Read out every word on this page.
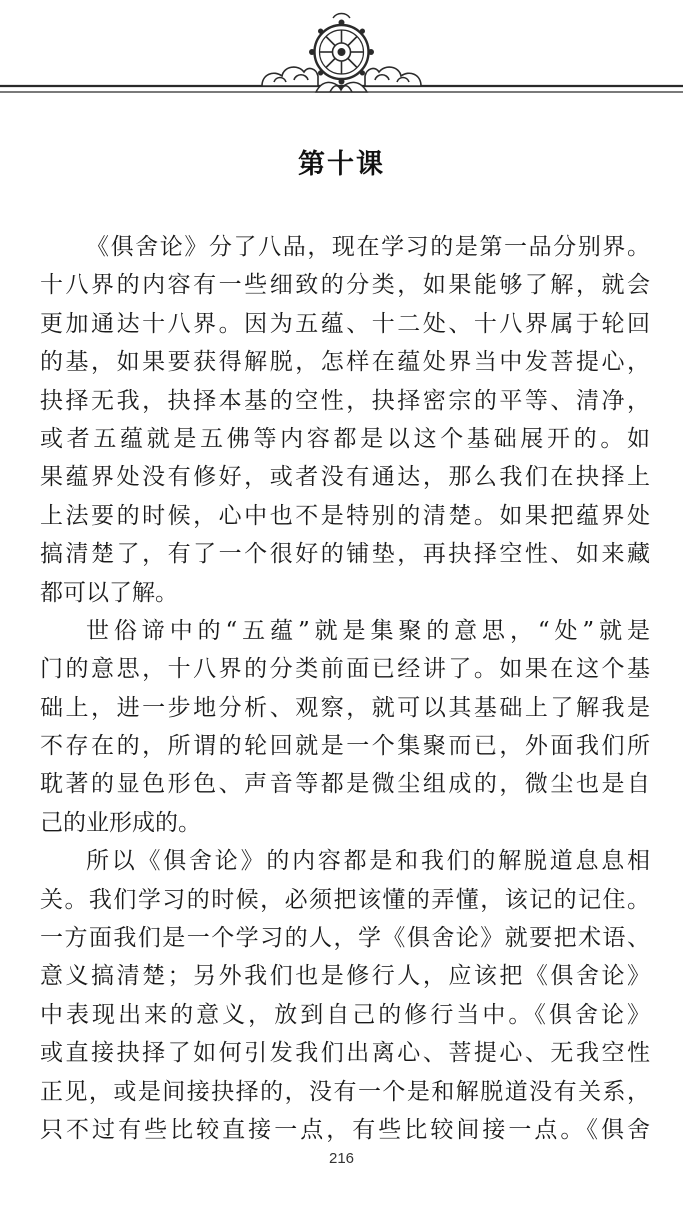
第十课
《俱舍论》分了八品，现在学习的是第一品分别界。
十八界的内容有一些细致的分类，如果能够了解，就会
更加通达十八界。因为五蕴、十二处、十八界属于轮回
的基，如果要获得解脱，怎样在蕴处界当中发菩提心，
抉择无我，抉择本基的空性，抉择密宗的平等、清净，
或者五蕴就是五佛等内容都是以这个基础展开的。如
果蕴界处没有修好，或者没有通达，那么我们在抉择上
上法要的时候，心中也不是特别的清楚。如果把蕴界处
搞清楚了，有了一个很好的铺垫，再抉择空性、如来藏
都可以了解。
世俗谛中的“五蕴”就是集聚的意思，“处”就是
门的意思，十八界的分类前面已经讲了。如果在这个基
础上，进一步地分析、观察，就可以其基础上了解我是
不存在的，所谓的轮回就是一个集聚而已，外面我们所
耽著的显色形色、声音等都是微尘组成的，微尘也是自
己的业形成的。
所以《俱舍论》的内容都是和我们的解脱道息息相
关。我们学习的时候，必须把该懂的弄懂，该记的记住。
一方面我们是一个学习的人，学《俱舍论》就要把术语、
意义搞清楚；另外我们也是修行人，应该把《俱舍论》
中表现出来的意义，放到自己的修行当中。《俱舍论》
或直接抉择了如何引发我们出离心、菩提心、无我空性
正见，或是间接抉择的，没有一个是和解脱道没有关系，
只不过有些比较直接一点，有些比较间接一点。《俱舍
216
